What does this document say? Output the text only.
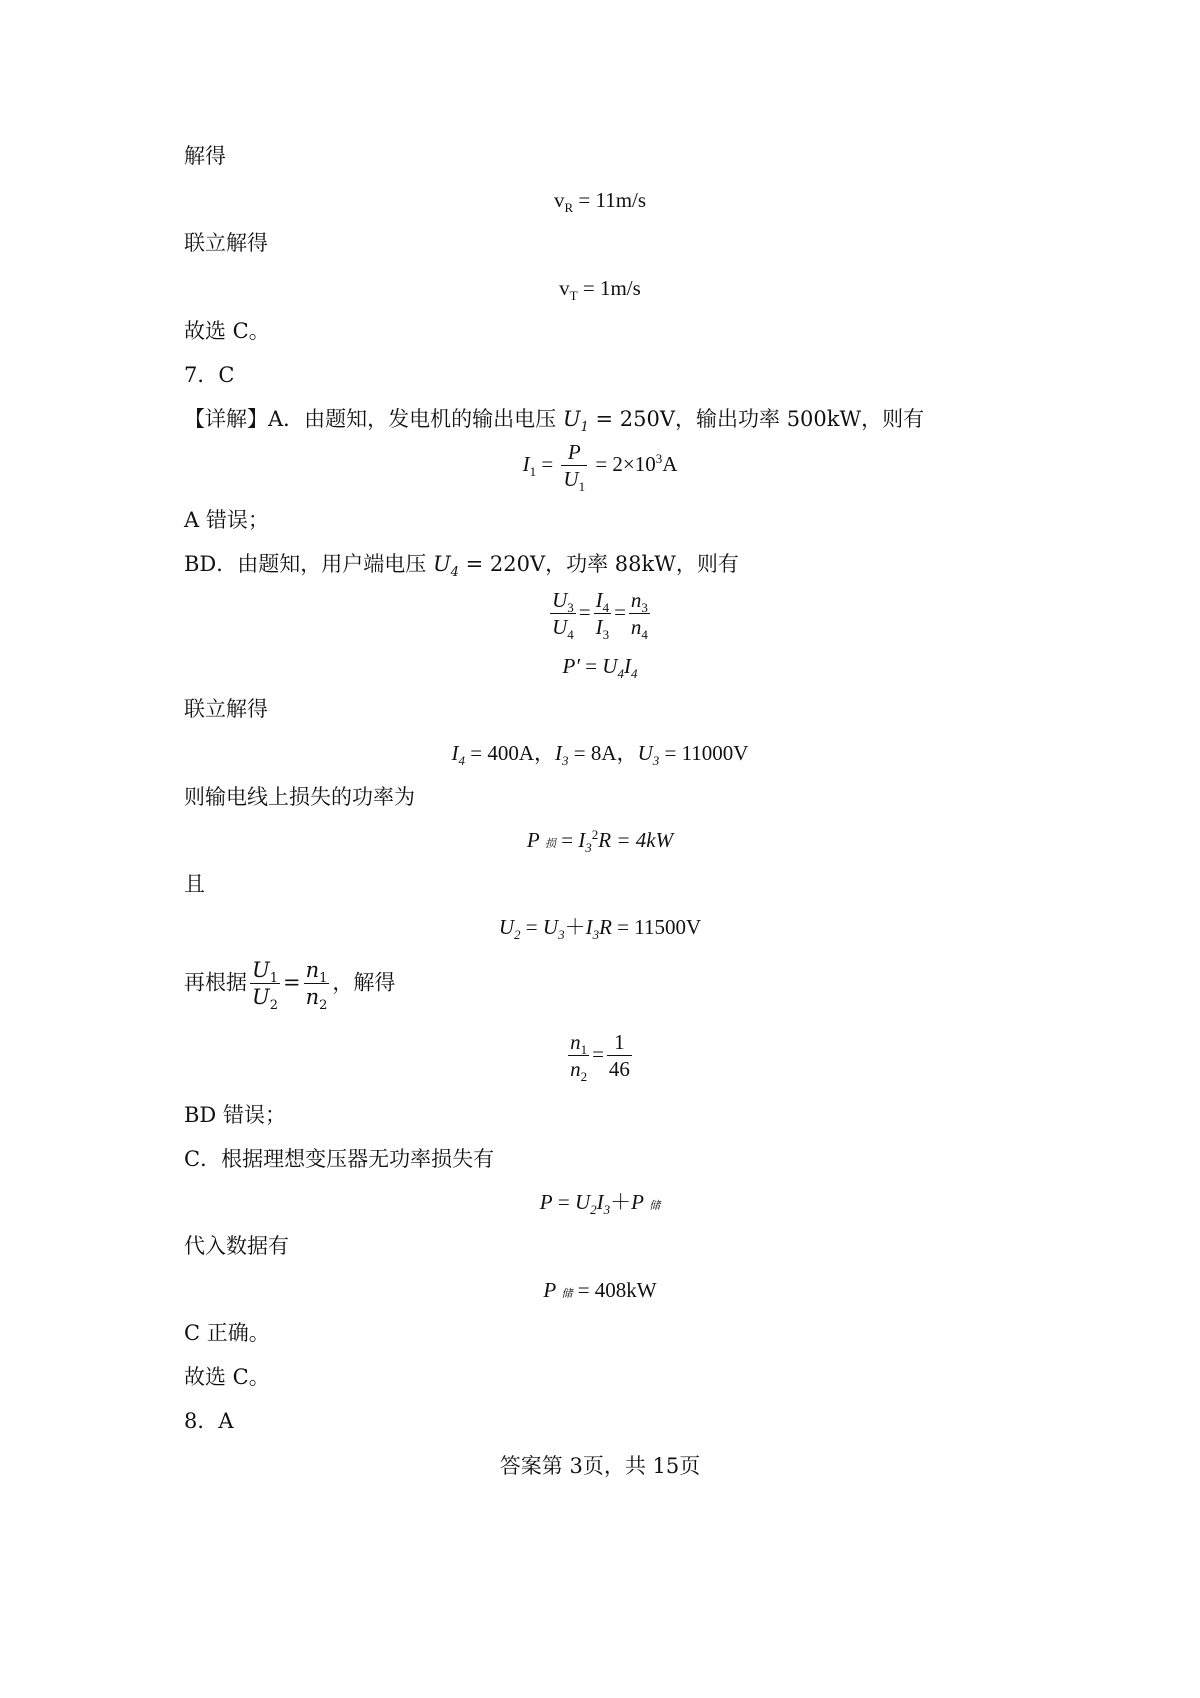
解得
$v_R = 11m/s$
联立解得
$v_T = 1m/s$
故选 C。
7．C
【详解】A．由题知，发电机的输出电压 $U_1 = 250V$，输出功率 500kW，则有
$I_1 = \frac{P}{U_1} = 2\times 10^3A$
A 错误；
BD．由题知，用户端电压 $U_4 = 220V$，功率 88kW，则有
$\frac{U_3}{U_4} = \frac{I_4}{I_3} = \frac{n_3}{n_4}$
$P' = U_4I_4$
联立解得
$I_4 = 400A$，$I_3 = 8A$，$U_3 = 11000V$
则输电线上损失的功率为
P 损 = $I_3^2R = 4kW$
且
$U_2 = U_3+I_3R = 11500V$
再根据 $\frac{U_1}{U_2} = \frac{n_1}{n_2}$ ，解得
$\frac{n_1}{n_2} = \frac{1}{46}$
BD 错误；
C．根据理想变压器无功率损失有
$P = U_2I_3+P$ 储
代入数据有
P 储 = 408kW
C 正确。
故选 C。
8．A
答案第 3页，共 15页
